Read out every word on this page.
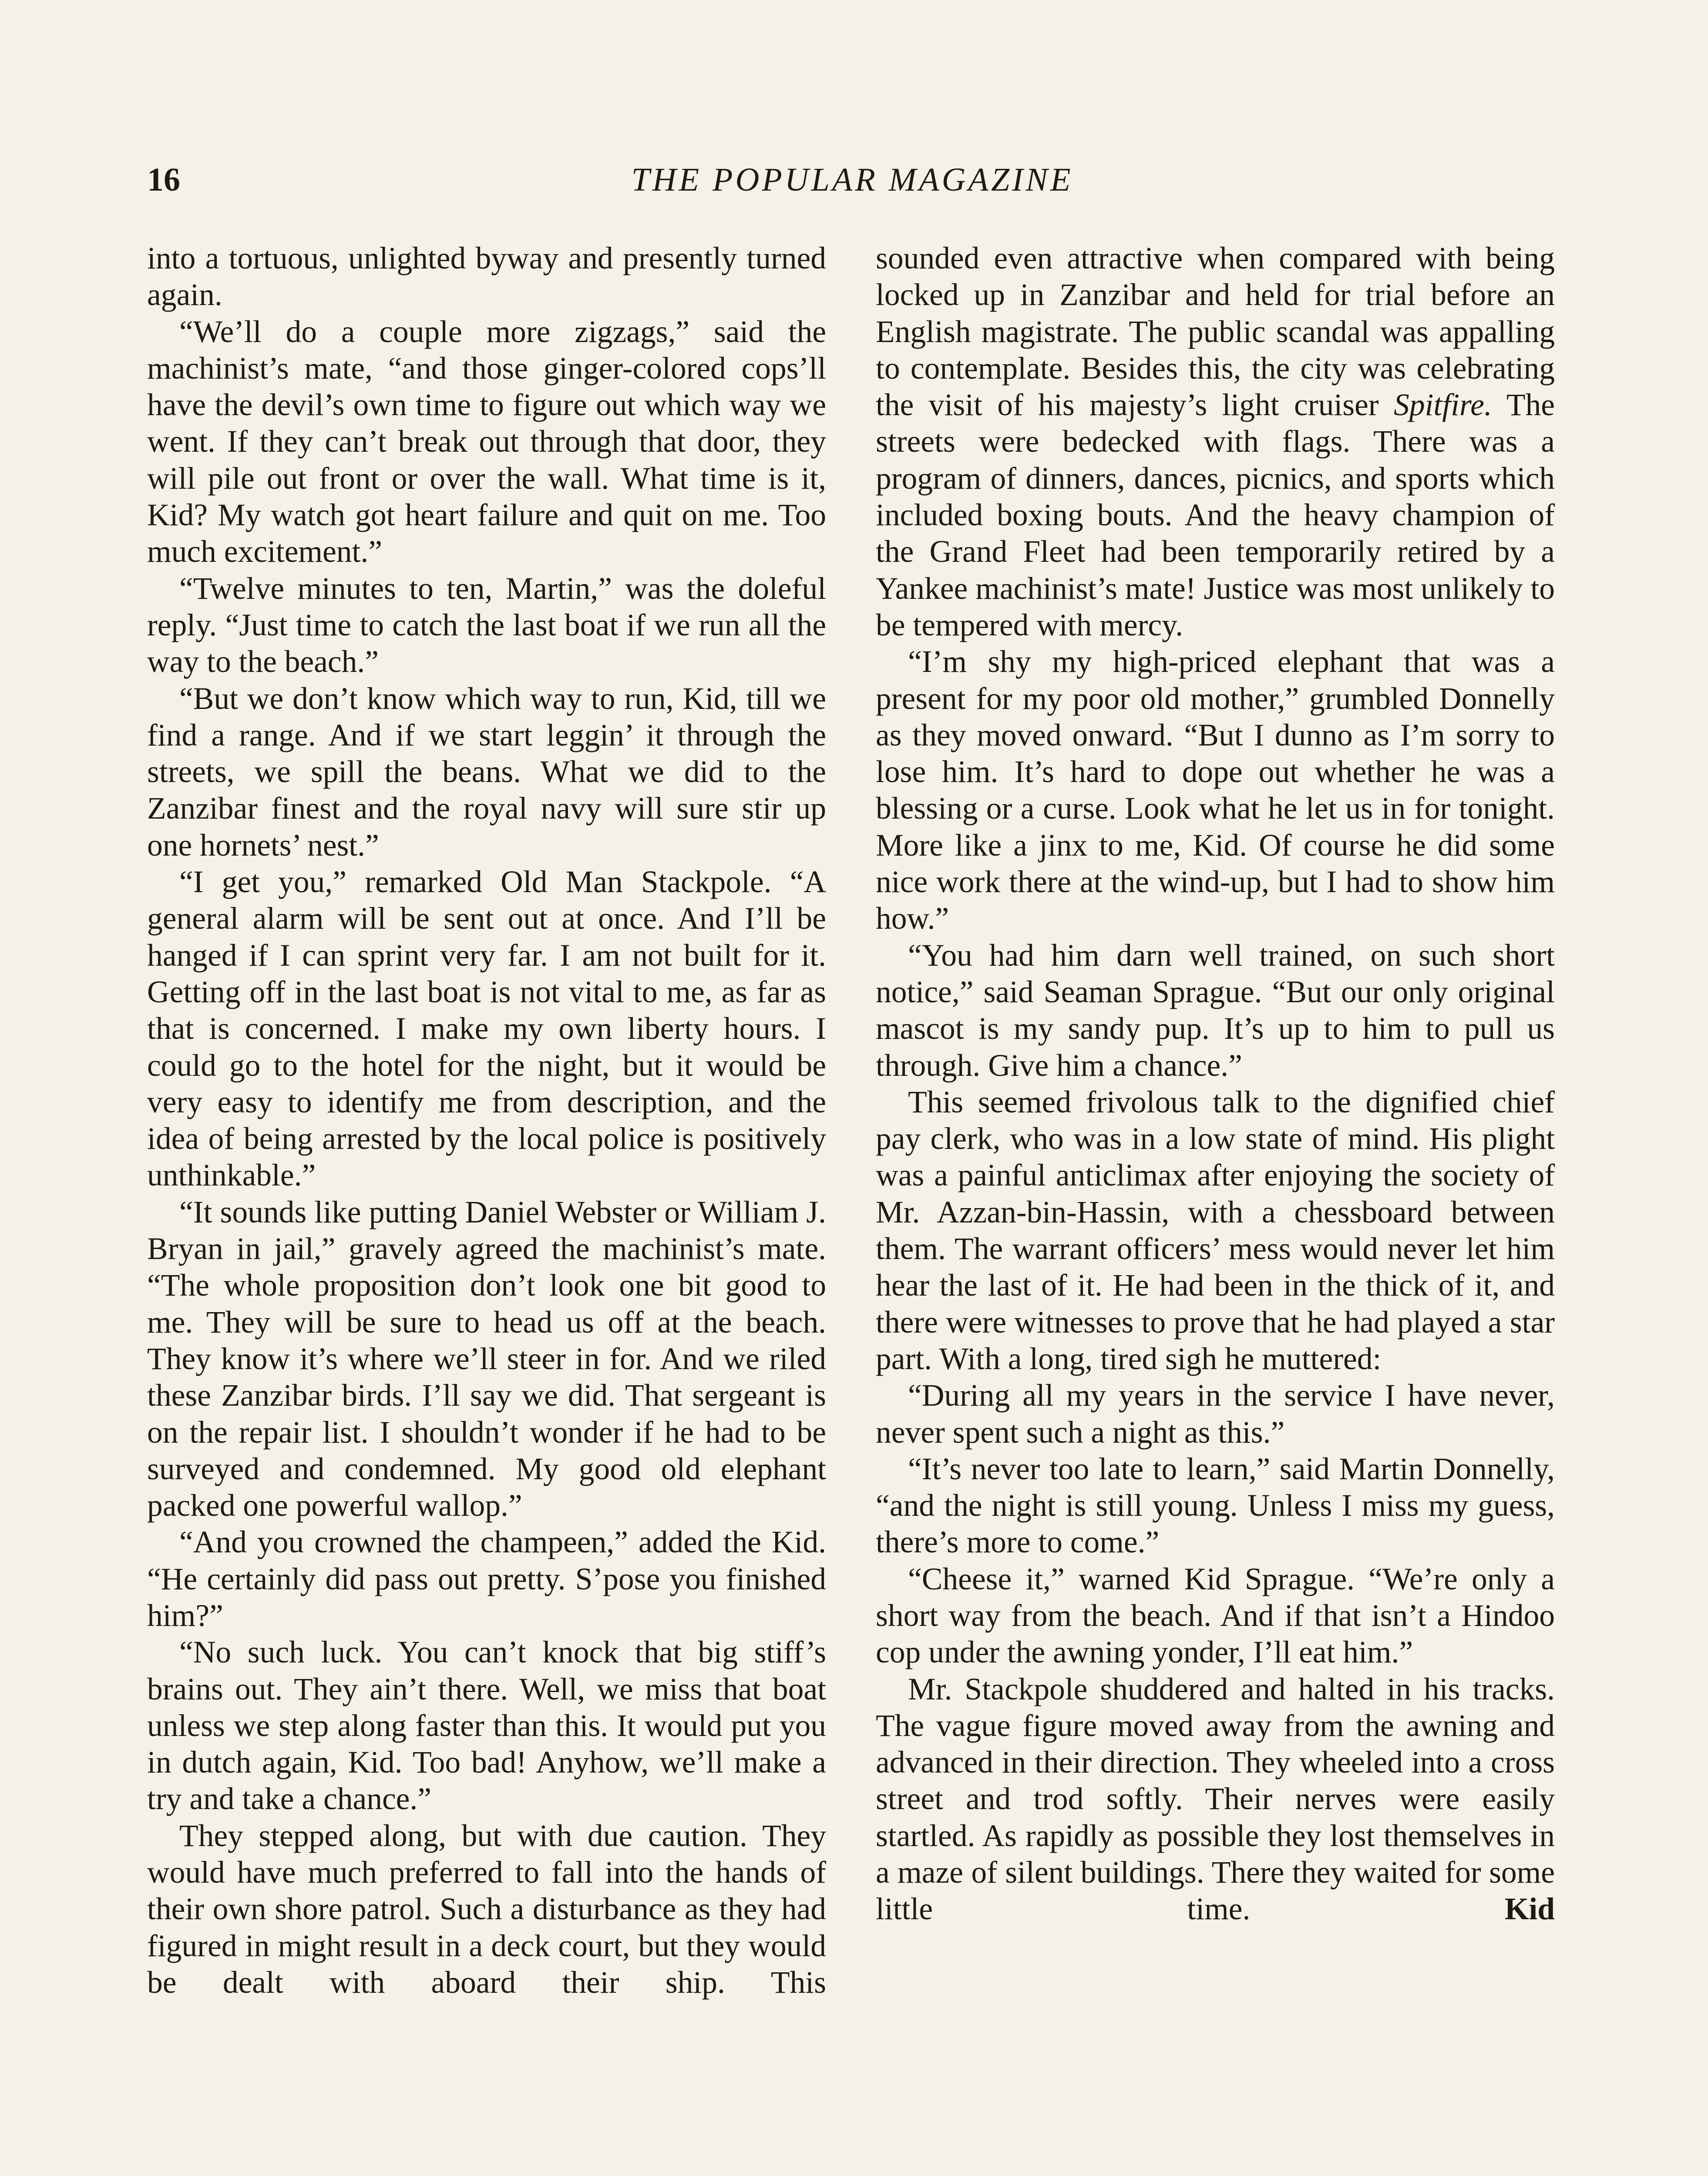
16	THE POPULAR MAGAZINE

into a tortuous, unlighted byway and presently turned again.

“We’ll do a couple more zigzags,” said the machinist’s mate, “and those ginger-colored cops’ll have the devil’s own time to figure out which way we went. If they can’t break out through that door, they will pile out front or over the wall. What time is it, Kid? My watch got heart failure and quit on me. Too much excitement.”

“Twelve minutes to ten, Martin,” was the doleful reply. “Just time to catch the last boat if we run all the way to the beach.”

“But we don’t know which way to run, Kid, till we find a range. And if we start leggin’ it through the streets, we spill the beans. What we did to the Zanzibar finest and the royal navy will sure stir up one hornets’ nest.”

“I get you,” remarked Old Man Stackpole. “A general alarm will be sent out at once. And I’ll be hanged if I can sprint very far. I am not built for it. Getting off in the last boat is not vital to me, as far as that is concerned. I make my own liberty hours. I could go to the hotel for the night, but it would be very easy to identify me from description, and the idea of being arrested by the local police is positively unthinkable.”

“It sounds like putting Daniel Webster or William J. Bryan in jail,” gravely agreed the machinist’s mate. “The whole proposition don’t look one bit good to me. They will be sure to head us off at the beach. They know it’s where we’ll steer in for. And we riled these Zanzibar birds. I’ll say we did. That sergeant is on the repair list. I shouldn’t wonder if he had to be surveyed and condemned. My good old elephant packed one powerful wallop.”

“And you crowned the champeen,” added the Kid. “He certainly did pass out pretty. S’pose you finished him?”

“No such luck. You can’t knock that big stiff’s brains out. They ain’t there. Well, we miss that boat unless we step along faster than this. It would put you in dutch again, Kid. Too bad! Anyhow, we’ll make a try and take a chance.”

They stepped along, but with due caution. They would have much preferred to fall into the hands of their own shore patrol. Such a disturbance as they had figured in might result in a deck court, but they would be dealt with aboard their ship. This

sounded even attractive when compared with being locked up in Zanzibar and held for trial before an English magistrate. The public scandal was appalling to contemplate. Besides this, the city was celebrating the visit of his majesty’s light cruiser Spitfire. The streets were bedecked with flags. There was a program of dinners, dances, picnics, and sports which included boxing bouts. And the heavy champion of the Grand Fleet had been temporarily retired by a Yankee machinist’s mate! Justice was most unlikely to be tempered with mercy.

“I’m shy my high-priced elephant that was a present for my poor old mother,” grumbled Donnelly as they moved onward. “But I dunno as I’m sorry to lose him. It’s hard to dope out whether he was a blessing or a curse. Look what he let us in for tonight. More like a jinx to me, Kid. Of course he did some nice work there at the wind-up, but I had to show him how.”

“You had him darn well trained, on such short notice,” said Seaman Sprague. “But our only original mascot is my sandy pup. It’s up to him to pull us through. Give him a chance.”

This seemed frivolous talk to the dignified chief pay clerk, who was in a low state of mind. His plight was a painful anticlimax after enjoying the society of Mr. Azzan-bin-Hassin, with a chessboard between them. The warrant officers’ mess would never let him hear the last of it. He had been in the thick of it, and there were witnesses to prove that he had played a star part. With a long, tired sigh he muttered:

“During all my years in the service I have never, never spent such a night as this.”

“It’s never too late to learn,” said Martin Donnelly, “and the night is still young. Unless I miss my guess, there’s more to come.”

“Cheese it,” warned Kid Sprague. “We’re only a short way from the beach. And if that isn’t a Hindoo cop under the awning yonder, I’ll eat him.”

Mr. Stackpole shuddered and halted in his tracks. The vague figure moved away from the awning and advanced in their direction. They wheeled into a cross street and trod softly. Their nerves were easily startled. As rapidly as possible they lost themselves in a maze of silent buildings. There they waited for some little time. Kid
